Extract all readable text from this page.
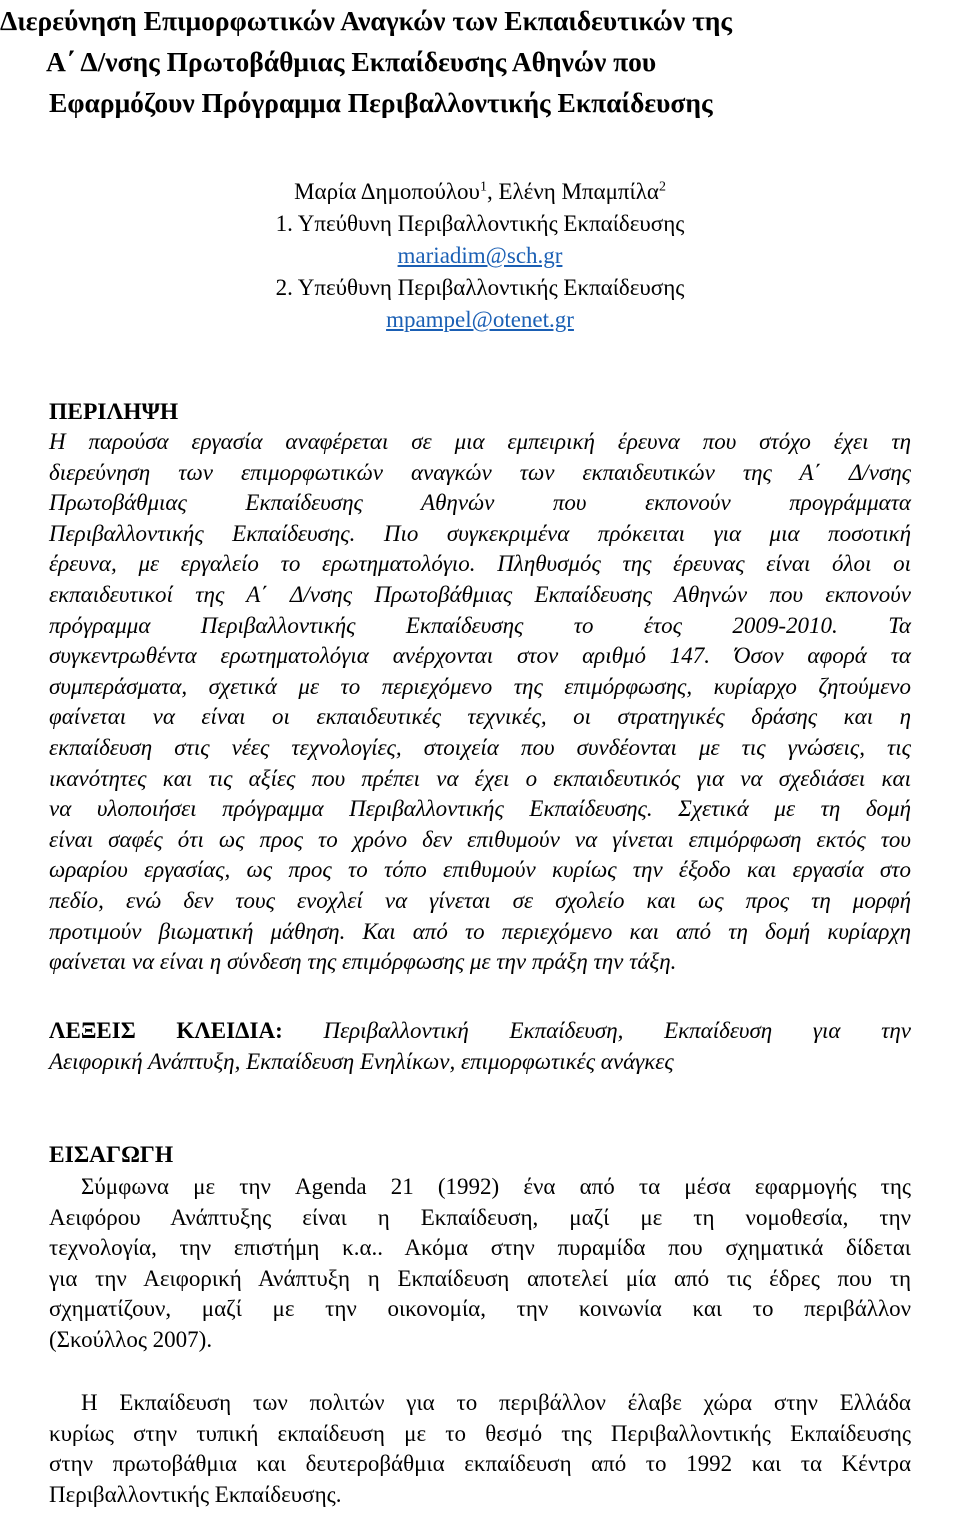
Διερεύνηση Επιμορφωτικών Αναγκών των Εκπαιδευτικών της
Α΄ Δ/νσης Πρωτοβάθμιας Εκπαίδευσης Αθηνών που
Εφαρμόζουν Πρόγραμμα Περιβαλλοντικής Εκπαίδευσης
Μαρία Δημοπούλου$^1$, Ελένη Μπαμπίλα$^2$
1. Υπεύθυνη Περιβαλλοντικής Εκπαίδευσης
mariadim@sch.gr
2. Υπεύθυνη Περιβαλλοντικής Εκπαίδευσης
mpampel@otenet.gr
ΠΕΡΙΛΗΨΗ
Η παρούσα εργασία αναφέρεται σε μια εμπειρική έρευνα που στόχο έχει τη
διερεύνηση των επιμορφωτικών αναγκών των εκπαιδευτικών της Α΄ Δ/νσης
Πρωτοβάθμιας Εκπαίδευσης Αθηνών που εκπονούν προγράμματα
Περιβαλλοντικής Εκπαίδευσης. Πιο συγκεκριμένα πρόκειται για μια ποσοτική
έρευνα, με εργαλείο το ερωτηματολόγιο. Πληθυσμός της έρευνας είναι όλοι οι
εκπαιδευτικοί της Α΄ Δ/νσης Πρωτοβάθμιας Εκπαίδευσης Αθηνών που εκπονούν
πρόγραμμα Περιβαλλοντικής Εκπαίδευσης το έτος 2009-2010. Τα
συγκεντρωθέντα ερωτηματολόγια ανέρχονται στον αριθμό 147. Όσον αφορά τα
συμπεράσματα, σχετικά με το περιεχόμενο της επιμόρφωσης, κυρίαρχο ζητούμενο
φαίνεται να είναι οι εκπαιδευτικές τεχνικές, οι στρατηγικές δράσης και η
εκπαίδευση στις νέες τεχνολογίες, στοιχεία που συνδέονται με τις γνώσεις, τις
ικανότητες και τις αξίες που πρέπει να έχει ο εκπαιδευτικός για να σχεδιάσει και
να υλοποιήσει πρόγραμμα Περιβαλλοντικής Εκπαίδευσης. Σχετικά με τη δομή
είναι σαφές ότι ως προς το χρόνο δεν επιθυμούν να γίνεται επιμόρφωση εκτός του
ωραρίου εργασίας, ως προς το τόπο επιθυμούν κυρίως την έξοδο και εργασία στο
πεδίο, ενώ δεν τους ενοχλεί να γίνεται σε σχολείο και ως προς τη μορφή
προτιμούν βιωματική μάθηση. Και από το περιεχόμενο και από τη δομή κυρίαρχη
φαίνεται να είναι η σύνδεση της επιμόρφωσης με την πράξη την τάξη.
ΛΕΞΕΙΣ ΚΛΕΙΔΙΑ: Περιβαλλοντική Εκπαίδευση, Εκπαίδευση για την
Αειφορική Ανάπτυξη, Εκπαίδευση Ενηλίκων, επιμορφωτικές ανάγκες
ΕΙΣΑΓΩΓΗ
Σύμφωνα με την Agenda 21 (1992) ένα από τα μέσα εφαρμογής της
Αειφόρου Ανάπτυξης είναι η Εκπαίδευση, μαζί με τη νομοθεσία, την
τεχνολογία, την επιστήμη κ.α.. Ακόμα στην πυραμίδα που σχηματικά δίδεται
για την Αειφορική Ανάπτυξη η Εκπαίδευση αποτελεί μία από τις έδρες που τη
σχηματίζουν, μαζί με την οικονομία, την κοινωνία και το περιβάλλον
(Σκούλλος 2007).
Η Εκπαίδευση των πολιτών για το περιβάλλον έλαβε χώρα στην Ελλάδα
κυρίως στην τυπική εκπαίδευση με το θεσμό της Περιβαλλοντικής Εκπαίδευσης
στην πρωτοβάθμια και δευτεροβάθμια εκπαίδευση από το 1992 και τα Κέντρα
Περιβαλλοντικής Εκπαίδευσης.
